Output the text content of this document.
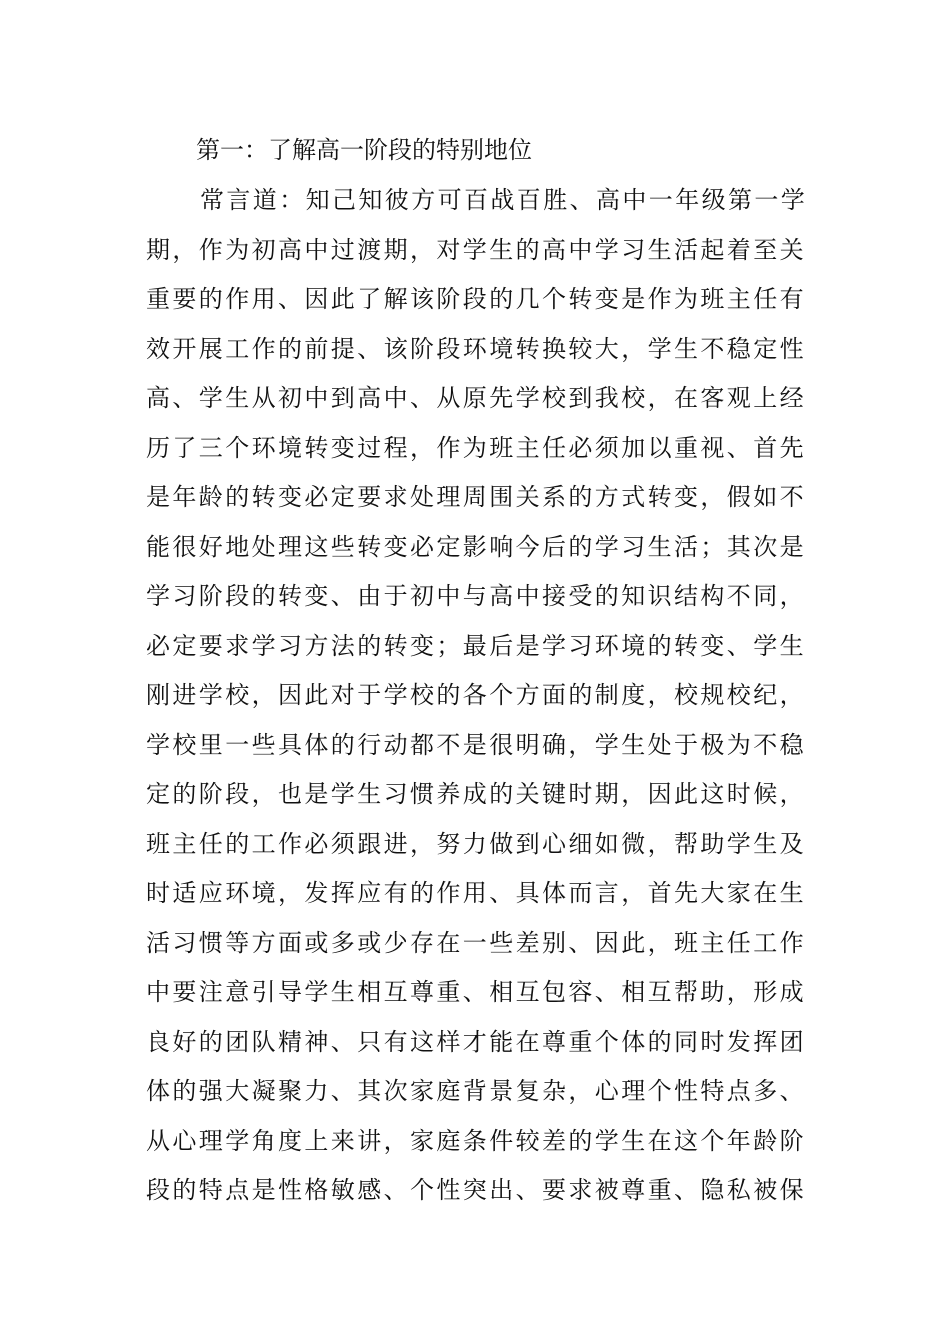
第一：了解高一阶段的特别地位
常言道：知己知彼方可百战百胜、高中一年级第一学
期，作为初高中过渡期，对学生的高中学习生活起着至关
重要的作用、因此了解该阶段的几个转变是作为班主任有
效开展工作的前提、该阶段环境转换较大，学生不稳定性
高、学生从初中到高中、从原先学校到我校，在客观上经
历了三个环境转变过程，作为班主任必须加以重视、首先
是年龄的转变必定要求处理周围关系的方式转变，假如不
能很好地处理这些转变必定影响今后的学习生活；其次是
学习阶段的转变、由于初中与高中接受的知识结构不同，
必定要求学习方法的转变；最后是学习环境的转变、学生
刚进学校，因此对于学校的各个方面的制度，校规校纪，
学校里一些具体的行动都不是很明确，学生处于极为不稳
定的阶段，也是学生习惯养成的关键时期，因此这时候，
班主任的工作必须跟进，努力做到心细如微，帮助学生及
时适应环境，发挥应有的作用、具体而言，首先大家在生
活习惯等方面或多或少存在一些差别、因此，班主任工作
中要注意引导学生相互尊重、相互包容、相互帮助，形成
良好的团队精神、只有这样才能在尊重个体的同时发挥团
体的强大凝聚力、其次家庭背景复杂，心理个性特点多、
从心理学角度上来讲，家庭条件较差的学生在这个年龄阶
段的特点是性格敏感、个性突出、要求被尊重、隐私被保
